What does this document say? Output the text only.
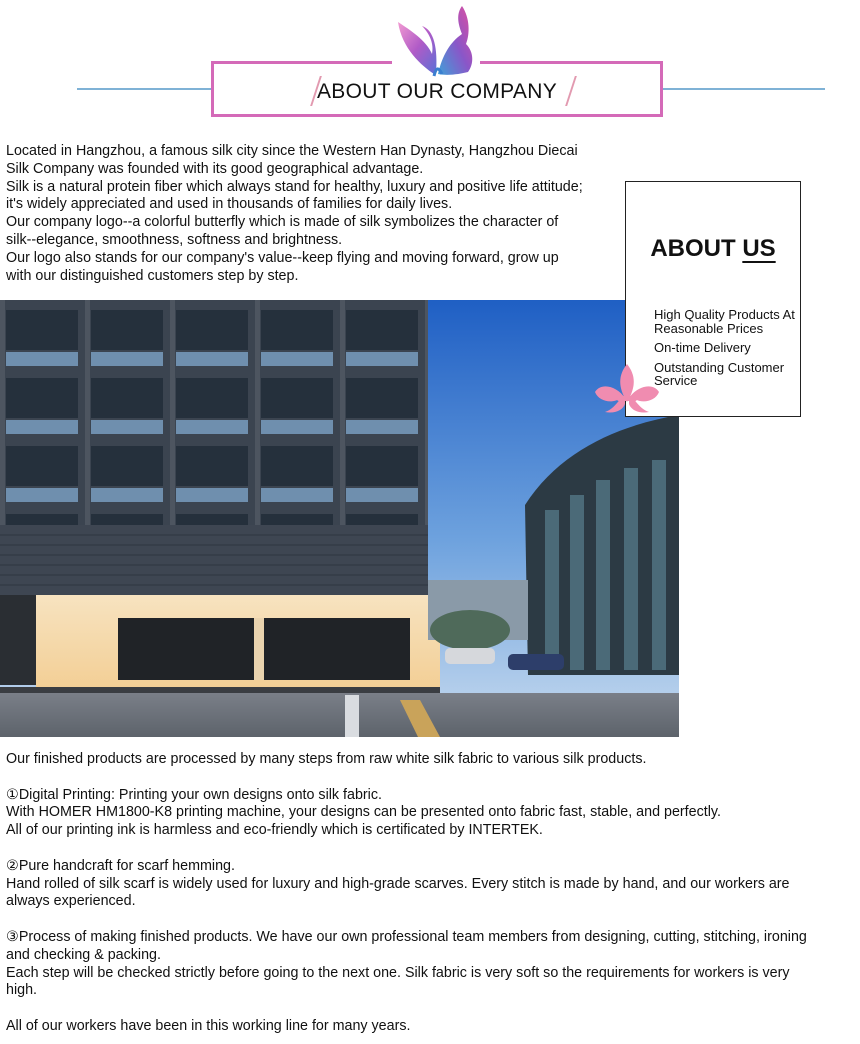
ABOUT OUR COMPANY

Located in Hangzhou, a famous silk city since the Western Han Dynasty, Hangzhou Diecai Silk Company was founded with its good geographical advantage.

Silk is a natural protein fiber which always stand for healthy, luxury and positive life attitude; it's widely appreciated and used in thousands of families for daily lives.

Our company logo--a colorful butterfly which is made of silk symbolizes the character of silk--elegance, smoothness, softness and brightness.

Our logo also stands for our company's value--keep flying and moving forward, grow up with our distinguished customers step by step.

ABOUT US
High Quality Products At Reasonable Prices
On-time Delivery
Outstanding Customer Service

Our finished products are processed by many steps from raw white silk fabric to various silk products.

①Digital Printing: Printing your own designs onto silk fabric.

With HOMER HM1800-K8 printing machine, your designs can be presented onto fabric fast, stable, and perfectly.

All of our printing ink is harmless and eco-friendly which is certificated by INTERTEK.

②Pure handcraft for scarf hemming.

Hand rolled of silk scarf is widely used for luxury and high-grade scarves. Every stitch is made by hand, and our workers are always experienced.

③Process of making finished products. We have our own professional team members from designing, cutting, stitching, ironing and checking & packing.

Each step will be checked strictly before going to the next one. Silk fabric is very soft so the requirements for workers is very high.

All of our workers have been in this working line for many years.
